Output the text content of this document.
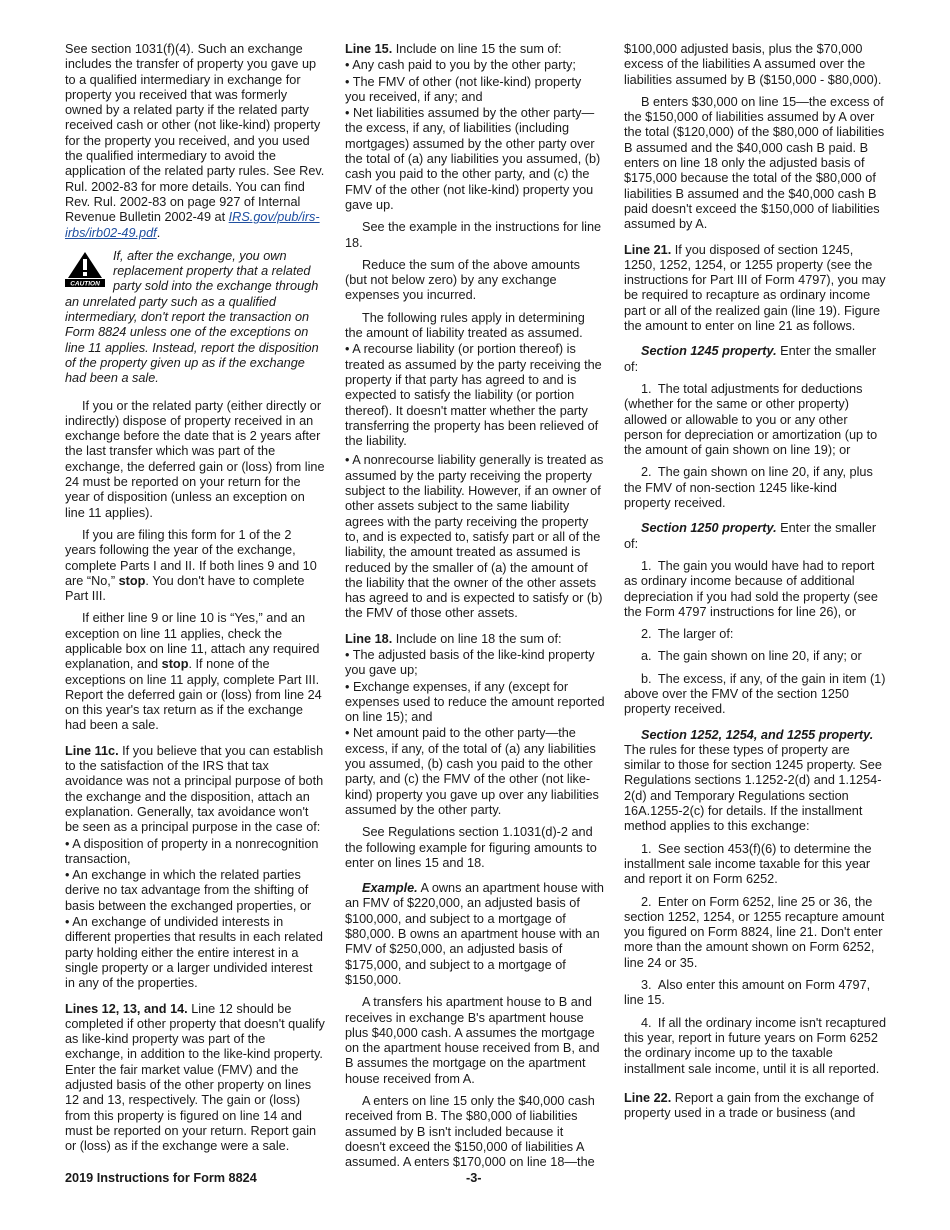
See section 1031(f)(4). Such an exchange includes the transfer of property you gave up to a qualified intermediary in exchange for property you received that was formerly owned by a related party if the related party received cash or other (not like-kind) property for the property you received, and you used the qualified intermediary to avoid the application of the related party rules. See Rev. Rul. 2002-83 for more details. You can find Rev. Rul. 2002-83 on page 927 of Internal Revenue Bulletin 2002-49 at IRS.gov/pub/irs-irbs/irb02-49.pdf.

CAUTION
If, after the exchange, you own replacement property that a related party sold into the exchange through an unrelated party such as a qualified intermediary, don't report the transaction on Form 8824 unless one of the exceptions on line 11 applies. Instead, report the disposition of the property given up as if the exchange had been a sale.

If you or the related party (either directly or indirectly) dispose of property received in an exchange before the date that is 2 years after the last transfer which was part of the exchange, the deferred gain or (loss) from line 24 must be reported on your return for the year of disposition (unless an exception on line 11 applies).

If you are filing this form for 1 of the 2 years following the year of the exchange, complete Parts I and II. If both lines 9 and 10 are “No,” stop. You don't have to complete Part III.

If either line 9 or line 10 is “Yes,” and an exception on line 11 applies, check the applicable box on line 11, attach any required explanation, and stop. If none of the exceptions on line 11 apply, complete Part III. Report the deferred gain or (loss) from line 24 on this year's tax return as if the exchange had been a sale.

Line 11c. If you believe that you can establish to the satisfaction of the IRS that tax avoidance was not a principal purpose of both the exchange and the disposition, attach an explanation. Generally, tax avoidance won't be seen as a principal purpose in the case of:

• A disposition of property in a nonrecognition transaction,
• An exchange in which the related parties derive no tax advantage from the shifting of basis between the exchanged properties, or
• An exchange of undivided interests in different properties that results in each related party holding either the entire interest in a single property or a larger undivided interest in any of the properties.

Lines 12, 13, and 14. Line 12 should be completed if other property that doesn't qualify as like-kind property was part of the exchange, in addition to the like-kind property. Enter the fair market value (FMV) and the adjusted basis of the other property on lines 12 and 13, respectively. The gain or (loss) from this property is figured on line 14 and must be reported on your return. Report gain or (loss) as if the exchange were a sale.

Line 15. Include on line 15 the sum of:

• Any cash paid to you by the other party;
• The FMV of other (not like-kind) property you received, if any; and
• Net liabilities assumed by the other party—the excess, if any, of liabilities (including mortgages) assumed by the other party over the total of (a) any liabilities you assumed, (b) cash you paid to the other party, and (c) the FMV of the other (not like-kind) property you gave up.

See the example in the instructions for line 18.

Reduce the sum of the above amounts (but not below zero) by any exchange expenses you incurred.

The following rules apply in determining the amount of liability treated as assumed.

• A recourse liability (or portion thereof) is treated as assumed by the party receiving the property if that party has agreed to and is expected to satisfy the liability (or portion thereof). It doesn't matter whether the party transferring the property has been relieved of the liability.
• A nonrecourse liability generally is treated as assumed by the party receiving the property subject to the liability. However, if an owner of other assets subject to the same liability agrees with the party receiving the property to, and is expected to, satisfy part or all of the liability, the amount treated as assumed is reduced by the smaller of (a) the amount of the liability that the owner of the other assets has agreed to and is expected to satisfy or (b) the FMV of those other assets.

Line 18. Include on line 18 the sum of:

• The adjusted basis of the like-kind property you gave up;
• Exchange expenses, if any (except for expenses used to reduce the amount reported on line 15); and
• Net amount paid to the other party—the excess, if any, of the total of (a) any liabilities you assumed, (b) cash you paid to the other party, and (c) the FMV of the other (not like-kind) property you gave up over any liabilities assumed by the other party.

See Regulations section 1.1031(d)-2 and the following example for figuring amounts to enter on lines 15 and 18.

Example. A owns an apartment house with an FMV of $220,000, an adjusted basis of $100,000, and subject to a mortgage of $80,000. B owns an apartment house with an FMV of $250,000, an adjusted basis of $175,000, and subject to a mortgage of $150,000.

A transfers his apartment house to B and receives in exchange B's apartment house plus $40,000 cash. A assumes the mortgage on the apartment house received from B, and B assumes the mortgage on the apartment house received from A.

A enters on line 15 only the $40,000 cash received from B. The $80,000 of liabilities assumed by B isn't included because it doesn't exceed the $150,000 of liabilities A assumed. A enters $170,000 on line 18—the

$100,000 adjusted basis, plus the $70,000 excess of the liabilities A assumed over the liabilities assumed by B ($150,000 - $80,000).

B enters $30,000 on line 15—the excess of the $150,000 of liabilities assumed by A over the total ($120,000) of the $80,000 of liabilities B assumed and the $40,000 cash B paid. B enters on line 18 only the adjusted basis of $175,000 because the total of the $80,000 of liabilities B assumed and the $40,000 cash B paid doesn't exceed the $150,000 of liabilities assumed by A.

Line 21. If you disposed of section 1245, 1250, 1252, 1254, or 1255 property (see the instructions for Part III of Form 4797), you may be required to recapture as ordinary income part or all of the realized gain (line 19). Figure the amount to enter on line 21 as follows.

Section 1245 property. Enter the smaller of:

1. The total adjustments for deductions (whether for the same or other property) allowed or allowable to you or any other person for depreciation or amortization (up to the amount of gain shown on line 19); or

2. The gain shown on line 20, if any, plus the FMV of non-section 1245 like-kind property received.

Section 1250 property. Enter the smaller of:

1. The gain you would have had to report as ordinary income because of additional depreciation if you had sold the property (see the Form 4797 instructions for line 26), or

2. The larger of:

a. The gain shown on line 20, if any; or

b. The excess, if any, of the gain in item (1) above over the FMV of the section 1250 property received.

Section 1252, 1254, and 1255 property. The rules for these types of property are similar to those for section 1245 property. See Regulations sections 1.1252-2(d) and 1.1254-2(d) and Temporary Regulations section 16A.1255-2(c) for details. If the installment method applies to this exchange:

1. See section 453(f)(6) to determine the installment sale income taxable for this year and report it on Form 6252.

2. Enter on Form 6252, line 25 or 36, the section 1252, 1254, or 1255 recapture amount you figured on Form 8824, line 21. Don't enter more than the amount shown on Form 6252, line 24 or 35.

3. Also enter this amount on Form 4797, line 15.

4. If all the ordinary income isn't recaptured this year, report in future years on Form 6252 the ordinary income up to the taxable installment sale income, until it is all reported.

Line 22. Report a gain from the exchange of property used in a trade or business (and

2019 Instructions for Form 8824	-3-
